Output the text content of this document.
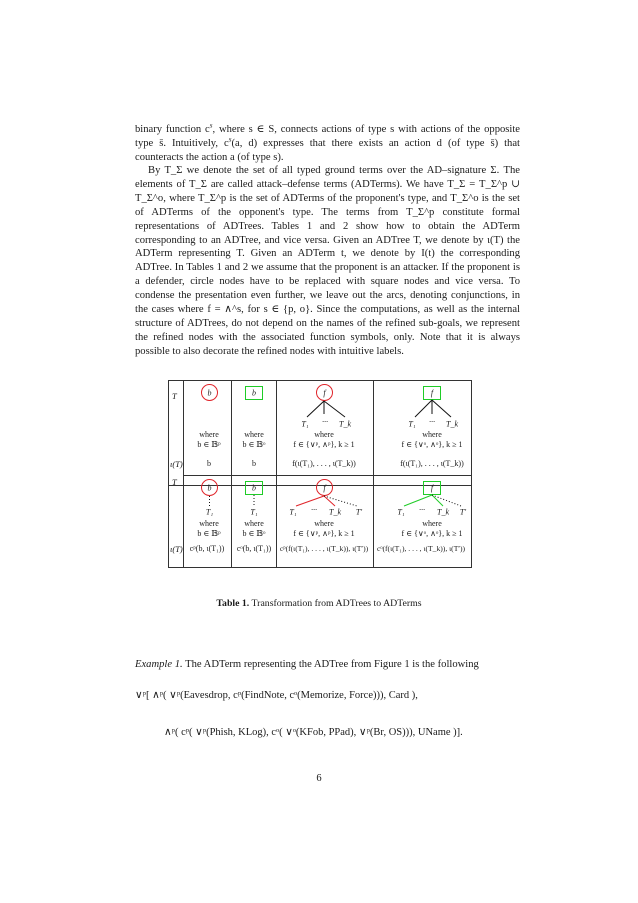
binary function $c^s$, where s ∈ S, connects actions of type s with actions of the opposite type s̄. Intuitively, $c^s(a$, d) expresses that there exists an action d (of type s̄) that counteracts the action a (of type s).

By T_Σ we denote the set of all typed ground terms over the AD–signature Σ. The elements of T_Σ are called attack–defense terms (ADTerms). We have T_Σ = T_Σ^p ∪ T_Σ^o, where T_Σ^p is the set of ADTerms of the proponent's type, and T_Σ^o is the set of ADTerms of the opponent's type. The terms from T_Σ^p constitute formal representations of ADTrees. Tables 1 and 2 show how to obtain the ADTerm corresponding to an ADTree, and vice versa. Given an ADTree T, we denote by ι(T) the ADTerm representing T. Given an ADTerm t, we denote by I(t) the corresponding ADTree. In Tables 1 and 2 we assume that the proponent is an attacker. If the proponent is a defender, circle nodes have to be replaced with square nodes and vice versa. To condense the presentation even further, we leave out the arcs, denoting conjunctions, in the cases where f = ∧^s, for s ∈ {p, o}. Since the computations, as well as the internal structure of ADTrees, do not depend on the names of the refined sub-goals, we represent the refined nodes with the associated function symbols, only. Note that it is always possible to also decorate the refined nodes with intuitive labels.

T
ι(T)
T
ι(T)
b
where
b ∈ 𝔹ᵖ
b
b
where
b ∈ 𝔹ᵒ
b
f
T₁ ··· T_k
where
f ∈ {∨ᵖ, ∧ᵖ}, k ≥ 1
f(ι(T₁), . . . , ι(T_k))
f
T₁ ··· T_k
where
f ∈ {∨ᵒ, ∧ᵒ}, k ≥ 1
f(ι(T₁), . . . , ι(T_k))
b
T₁
where
b ∈ 𝔹ᵖ
cᵖ(b, ι(T₁))
b
T₁
where
b ∈ 𝔹ᵒ
cᵒ(b, ι(T₁))
f
T₁ ··· T_k T′
where
f ∈ {∨ᵖ, ∧ᵖ}, k ≥ 1
cᵖ(f(ι(T₁), . . . , ι(T_k)), ι(T′))
f
T₁ ··· T_k T′
where
f ∈ {∨ᵒ, ∧ᵒ}, k ≥ 1
cᵒ(f(ι(T₁), . . . , ι(T_k)), ι(T′))
Table 1. Transformation from ADTrees to ADTerms
Example 1. The ADTerm representing the ADTree from Figure 1 is the following
∨ᵖ[ ∧ᵖ( ∨ᵖ(Eavesdrop, cᵖ(FindNote, cᵒ(Memorize, Force))), Card ),
∧ᵖ( cᵖ( ∨ᵖ(Phish, KLog), cᵒ( ∨ᵒ(KFob, PPad), ∨ᵖ(Br, OS))), UName )].
6
